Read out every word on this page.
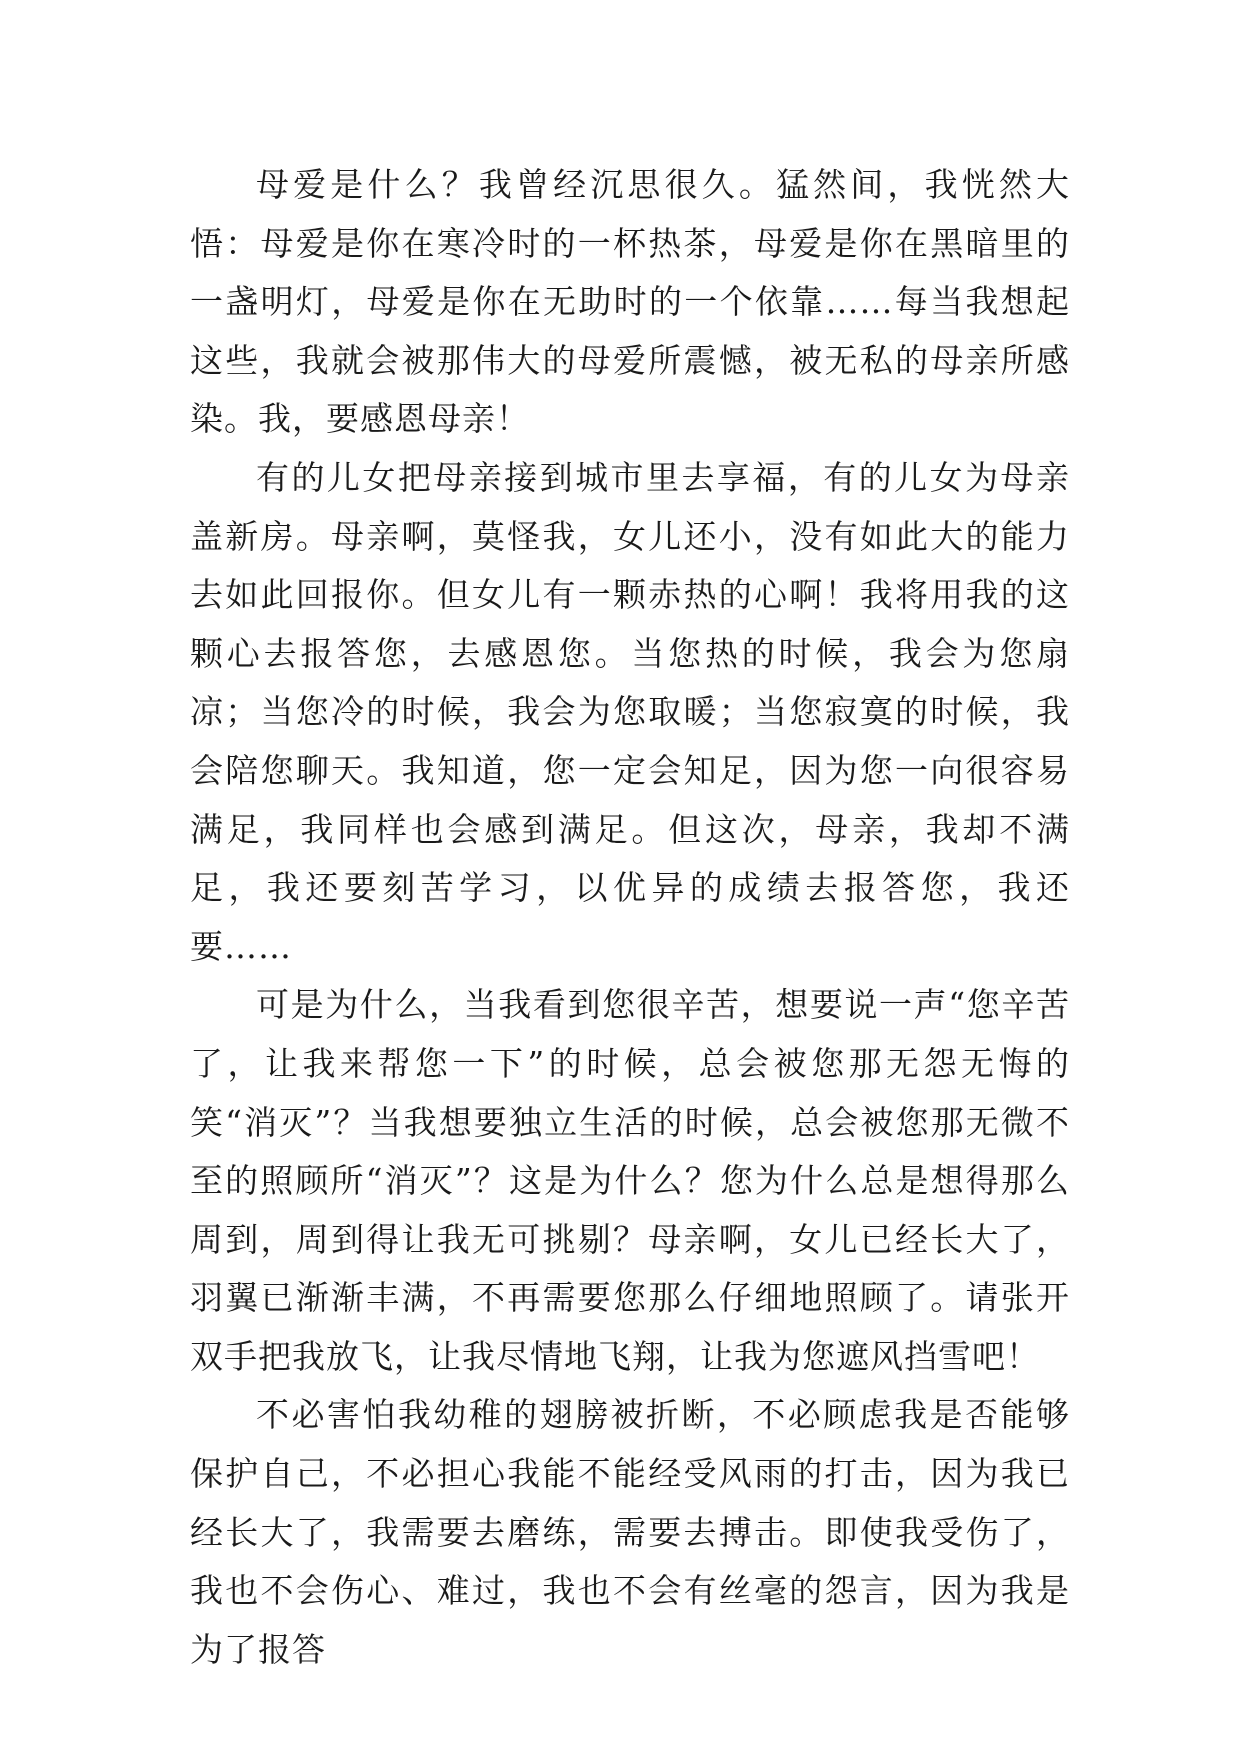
母爱是什么？我曾经沉思很久。猛然间，我恍然大悟：母爱是你在寒冷时的一杯热茶，母爱是你在黑暗里的一盏明灯，母爱是你在无助时的一个依靠……每当我想起这些，我就会被那伟大的母爱所震憾，被无私的母亲所感染。我，要感恩母亲！

有的儿女把母亲接到城市里去享福，有的儿女为母亲盖新房。母亲啊，莫怪我，女儿还小，没有如此大的能力去如此回报你。但女儿有一颗赤热的心啊！我将用我的这颗心去报答您，去感恩您。当您热的时候，我会为您扇凉；当您冷的时候，我会为您取暖；当您寂寞的时候，我会陪您聊天。我知道，您一定会知足，因为您一向很容易满足，我同样也会感到满足。但这次，母亲，我却不满足，我还要刻苦学习，以优异的成绩去报答您，我还要……

可是为什么，当我看到您很辛苦，想要说一声“您辛苦了，让我来帮您一下”的时候，总会被您那无怨无悔的笑“消灭”？当我想要独立生活的时候，总会被您那无微不至的照顾所“消灭”？这是为什么？您为什么总是想得那么周到，周到得让我无可挑剔？母亲啊，女儿已经长大了，羽翼已渐渐丰满，不再需要您那么仔细地照顾了。请张开双手把我放飞，让我尽情地飞翔，让我为您遮风挡雪吧！

不必害怕我幼稚的翅膀被折断，不必顾虑我是否能够保护自己，不必担心我能不能经受风雨的打击，因为我已经长大了，我需要去磨练，需要去搏击。即使我受伤了，我也不会伤心、难过，我也不会有丝毫的怨言，因为我是为了报答
